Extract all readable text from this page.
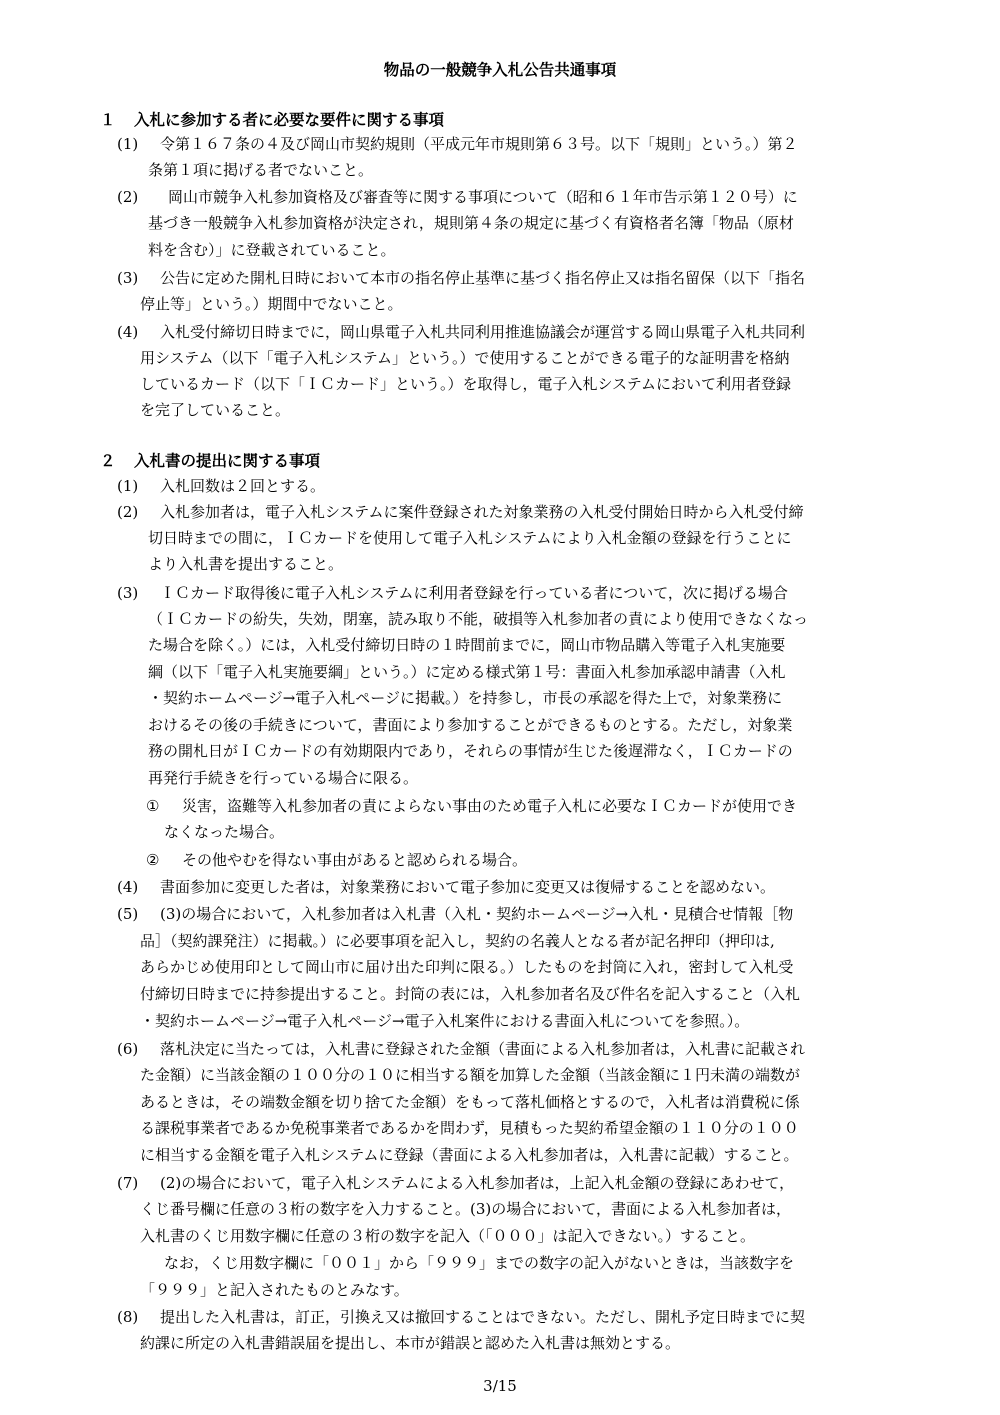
物品の一般競争入札公告共通事項
１ 入札に参加する者に必要な要件に関する事項
(1) 令第１６７条の４及び岡山市契約規則（平成元年市規則第６３号。以下「規則」という。）第２
条第１項に掲げる者でないこと。
(2) 岡山市競争入札参加資格及び審査等に関する事項について（昭和６１年市告示第１２０号）に
基づき一般競争入札参加資格が決定され，規則第４条の規定に基づく有資格者名簿「物品（原材
料を含む）」に登載されていること。
(3) 公告に定めた開札日時において本市の指名停止基準に基づく指名停止又は指名留保（以下「指名
停止等」という。）期間中でないこと。
(4) 入札受付締切日時までに，岡山県電子入札共同利用推進協議会が運営する岡山県電子入札共同利
用システム（以下「電子入札システム」という。）で使用することができる電子的な証明書を格納
しているカード（以下「ＩＣカード」という。）を取得し，電子入札システムにおいて利用者登録
を完了していること。
２ 入札書の提出に関する事項
(1) 入札回数は２回とする。
(2) 入札参加者は，電子入札システムに案件登録された対象業務の入札受付開始日時から入札受付締
切日時までの間に，ＩＣカードを使用して電子入札システムにより入札金額の登録を行うことに
より入札書を提出すること。
(3) ＩＣカード取得後に電子入札システムに利用者登録を行っている者について，次に掲げる場合
（ＩＣカードの紛失，失効，閉塞，読み取り不能，破損等入札参加者の責により使用できなくなっ
た場合を除く。）には，入札受付締切日時の１時間前までに，岡山市物品購入等電子入札実施要
綱（以下「電子入札実施要綱」という。）に定める様式第１号：書面入札参加承認申請書（入札
・契約ホームページ→電子入札ページに掲載。）を持参し，市長の承認を得た上で，対象業務に
おけるその後の手続きについて，書面により参加することができるものとする。ただし，対象業
務の開札日がＩＣカードの有効期限内であり，それらの事情が生じた後遅滞なく，ＩＣカードの
再発行手続きを行っている場合に限る。
① 災害，盗難等入札参加者の責によらない事由のため電子入札に必要なＩＣカードが使用でき
なくなった場合。
② その他やむを得ない事由があると認められる場合。
(4) 書面参加に変更した者は，対象業務において電子参加に変更又は復帰することを認めない。
(5) (3)の場合において，入札参加者は入札書（入札・契約ホームページ→入札・見積合せ情報［物
品］（契約課発注）に掲載。）に必要事項を記入し，契約の名義人となる者が記名押印（押印は,
あらかじめ使用印として岡山市に届け出た印判に限る。）したものを封筒に入れ，密封して入札受
付締切日時までに持参提出すること。封筒の表には，入札参加者名及び件名を記入すること（入札
・契約ホームページ→電子入札ページ→電子入札案件における書面入札についてを参照。）。
(6) 落札決定に当たっては，入札書に登録された金額（書面による入札参加者は，入札書に記載され
た金額）に当該金額の１００分の１０に相当する額を加算した金額（当該金額に１円未満の端数が
あるときは，その端数金額を切り捨てた金額）をもって落札価格とするので，入札者は消費税に係
る課税事業者であるか免税事業者であるかを問わず，見積もった契約希望金額の１１０分の１００
に相当する金額を電子入札システムに登録（書面による入札参加者は，入札書に記載）すること。
(7) (2)の場合において，電子入札システムによる入札参加者は，上記入札金額の登録にあわせて，
くじ番号欄に任意の３桁の数字を入力すること。(3)の場合において，書面による入札参加者は，
入札書のくじ用数字欄に任意の３桁の数字を記入（「０００」は記入できない。）すること。
なお，くじ用数字欄に「００１」から「９９９」までの数字の記入がないときは，当該数字を
「９９９」と記入されたものとみなす。
(8) 提出した入札書は，訂正，引換え又は撤回することはできない。ただし、開札予定日時までに契
約課に所定の入札書錯誤届を提出し、本市が錯誤と認めた入札書は無効とする。
3/15
